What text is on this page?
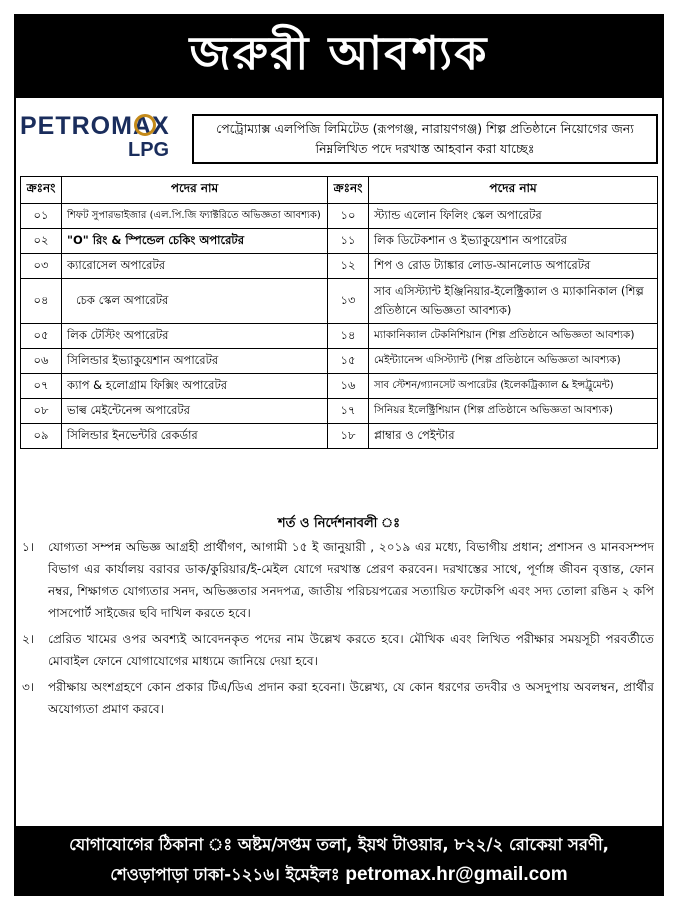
জরুরী আবশ্যক
PETROMAX
LPG
পেট্রোম্যাক্স এলপিজি লিমিটেড (রূপগঞ্জ, নারায়ণগঞ্জ) শিল্প প্রতিষ্ঠানে নিয়োগের জন্য নিম্নলিখিত পদে দরখাস্ত আহবান করা যাচ্ছেঃ
ক্রঃনং	পদের নাম	ক্রঃনং	পদের নাম
০১	শিফট সুপারভাইজার (এল.পি.জি ফ্যাক্টরিতে অভিজ্ঞতা আবশ্যক)	১০	স্ট্যান্ড এলোন ফিলিং স্কেল অপারেটর
০২	"O" রিং & স্পিন্ডেল চেকিং অপারেটর	১১	লিক ডিটেকশান ও ইভ্যাকুয়েশান অপারেটর
০৩	ক্যারোসেল অপারেটর	১২	শিপ ও রোড ট্যাঙ্কার লোড-আনলোড অপারেটর
০৪	চেক স্কেল অপারেটর	১৩	সাব এসিস্ট্যান্ট ইঞ্জিনিয়ার-ইলেক্ট্রিক্যাল ও ম্যাকানিকাল (শিল্প প্রতিষ্ঠানে অভিজ্ঞতা আবশ্যক)
০৫	লিক টেস্টিং অপারেটর	১৪	ম্যাকানিক্যাল টেকনিশিয়ান (শিল্প প্রতিষ্ঠানে অভিজ্ঞতা আবশ্যক)
০৬	সিলিন্ডার ইভ্যাকুয়েশান অপারেটর	১৫	মেইন্ট্যানেন্স এসিস্ট্যান্ট (শিল্প প্রতিষ্ঠানে অভিজ্ঞতা আবশ্যক)
০৭	ক্যাপ & হলোগ্রাম ফিক্সিং অপারেটর	১৬	সাব স্টেশন/গ্যানসেট অপারেটর (ইলেকট্রিক্যাল & ইন্সট্রুমেন্ট)
০৮	ভাল্ব মেইন্টেনেন্স অপারেটর	১৭	সিনিয়র ইলেক্ট্রিশিয়ান (শিল্প প্রতিষ্ঠানে অভিজ্ঞতা আবশ্যক)
০৯	সিলিন্ডার ইনভেন্টরি রেকর্ডার	১৮	প্লাম্বার ও পেইন্টার
শর্ত ও নির্দেশনাবলী ঃ
১।	যোগ্যতা সম্পন্ন অভিজ্ঞ আগ্রহী প্রার্থীগণ, আগামী ১৫ ই জানুয়ারী , ২০১৯ এর মধ্যে, বিভাগীয় প্রধান; প্রশাসন ও মানবসম্পদ বিভাগ এর কার্যালয় বরাবর ডাক/কুরিয়ার/ই-মেইল যোগে দরখাস্ত প্রেরণ করবেন। দরখাস্তের সাথে, পূর্ণাঙ্গ জীবন বৃত্তান্ত, ফোন নম্বর, শিক্ষাগত যোগ্যতার সনদ, অভিজ্ঞতার সনদপত্র, জাতীয় পরিচয়পত্রের সত্যায়িত ফটোকপি এবং সদ্য তোলা রঙিন ২ কপি পাসপোর্ট সাইজের ছবি দাখিল করতে হবে।
২।	প্রেরিত খামের ওপর অবশ্যই আবেদনকৃত পদের নাম উল্লেখ করতে হবে। মৌখিক এবং লিখিত পরীক্ষার সময়সূচী পরবর্তীতে মোবাইল ফোনে যোগাযোগের মাধ্যমে জানিয়ে দেয়া হবে।
৩।	পরীক্ষায় অংশগ্রহণে কোন প্রকার টিএ/ডিএ প্রদান করা হবেনা। উল্লেখ্য, যে কোন ধরণের তদবীর ও অসদুপায় অবলম্বন, প্রার্থীর অযোগ্যতা প্রমাণ করবে।
যোগাযোগের ঠিকানা ঃ অষ্টম/সপ্তম তলা, ইয়থ টাওয়ার, ৮২২/২ রোকেয়া সরণী,
শেওড়াপাড়া ঢাকা-১২১৬। ইমেইলঃ petromax.hr@gmail.com
